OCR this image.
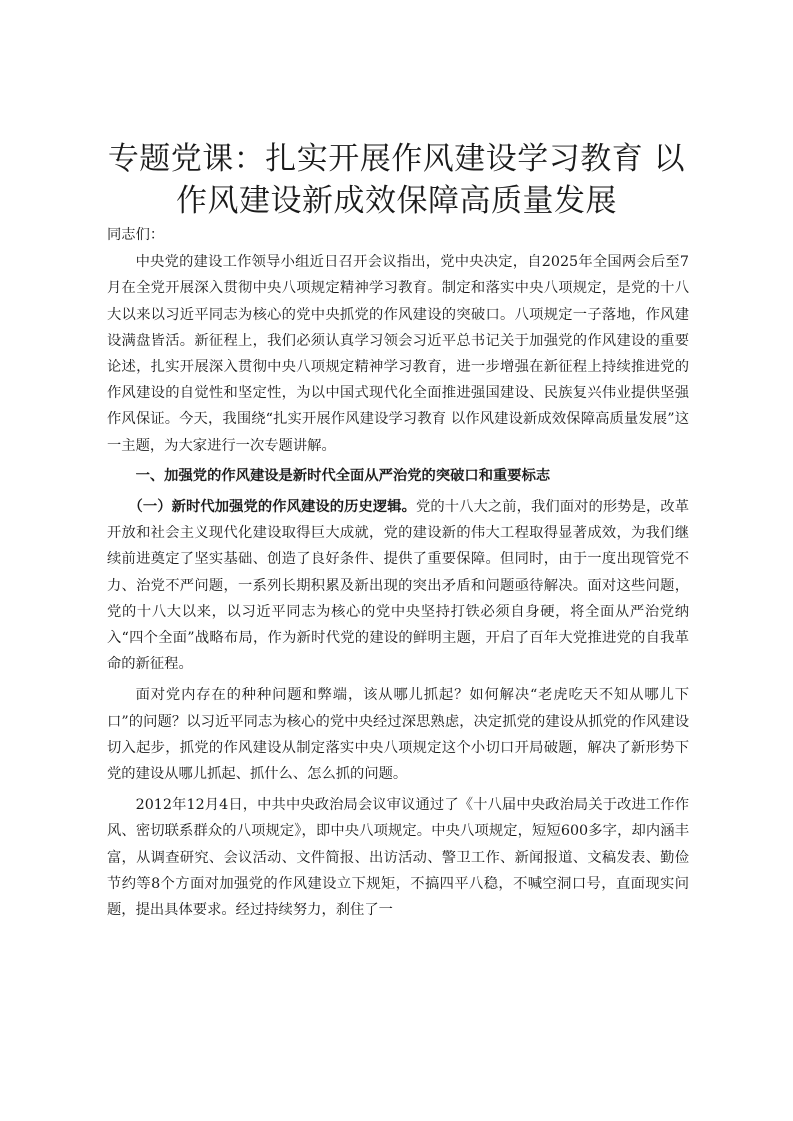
专题党课：扎实开展作风建设学习教育 以作风建设新成效保障高质量发展

同志们：

中央党的建设工作领导小组近日召开会议指出，党中央决定，自2025年全国两会后至7月在全党开展深入贯彻中央八项规定精神学习教育。制定和落实中央八项规定，是党的十八大以来以习近平同志为核心的党中央抓党的作风建设的突破口。八项规定一子落地，作风建设满盘皆活。新征程上，我们必须认真学习领会习近平总书记关于加强党的作风建设的重要论述，扎实开展深入贯彻中央八项规定精神学习教育，进一步增强在新征程上持续推进党的作风建设的自觉性和坚定性，为以中国式现代化全面推进强国建设、民族复兴伟业提供坚强作风保证。今天，我围绕“扎实开展作风建设学习教育 以作风建设新成效保障高质量发展”这一主题，为大家进行一次专题讲解。

一、加强党的作风建设是新时代全面从严治党的突破口和重要标志

（一）新时代加强党的作风建设的历史逻辑。党的十八大之前，我们面对的形势是，改革开放和社会主义现代化建设取得巨大成就，党的建设新的伟大工程取得显著成效，为我们继续前进奠定了坚实基础、创造了良好条件、提供了重要保障。但同时，由于一度出现管党不力、治党不严问题，一系列长期积累及新出现的突出矛盾和问题亟待解决。面对这些问题，党的十八大以来，以习近平同志为核心的党中央坚持打铁必须自身硬，将全面从严治党纳入“四个全面”战略布局，作为新时代党的建设的鲜明主题，开启了百年大党推进党的自我革命的新征程。

面对党内存在的种种问题和弊端，该从哪儿抓起？如何解决“老虎吃天不知从哪儿下口”的问题？以习近平同志为核心的党中央经过深思熟虑，决定抓党的建设从抓党的作风建设切入起步，抓党的作风建设从制定落实中央八项规定这个小切口开局破题，解决了新形势下党的建设从哪儿抓起、抓什么、怎么抓的问题。

2012年12月4日，中共中央政治局会议审议通过了《十八届中央政治局关于改进工作作风、密切联系群众的八项规定》，即中央八项规定。中央八项规定，短短600多字，却内涵丰富，从调查研究、会议活动、文件简报、出访活动、警卫工作、新闻报道、文稿发表、勤俭节约等8个方面对加强党的作风建设立下规矩，不搞四平八稳，不喊空洞口号，直面现实问题，提出具体要求。经过持续努力，刹住了一
